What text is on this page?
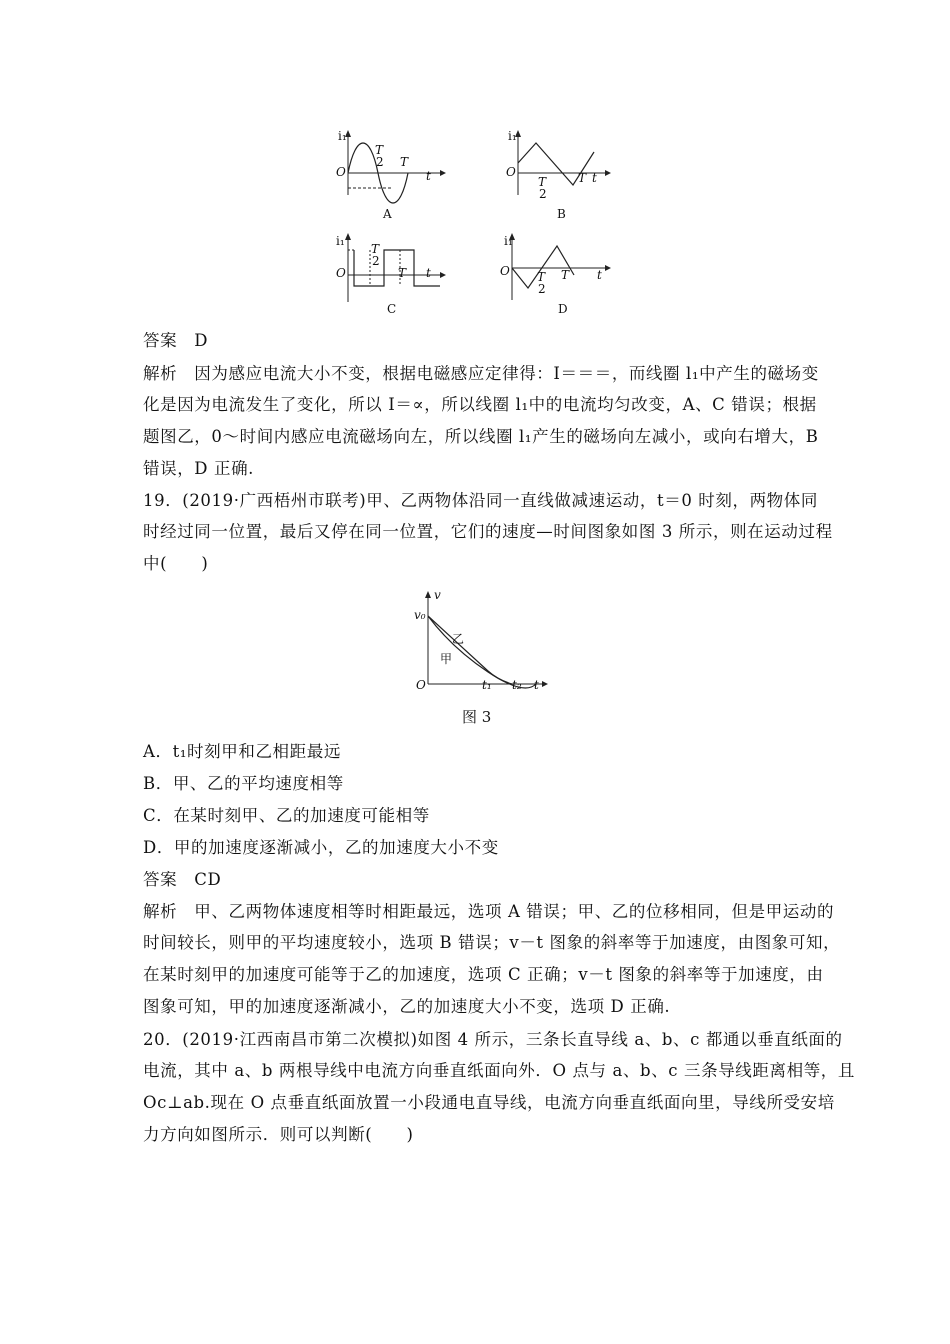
i₁
O
T
2 T
t
A
i₁
O
T
2
T t
B
i₁
O
T
2
T t
C
i₁
O T
2
T t
D
答案　D
解析　因为感应电流大小不变，根据电磁感应定律得：I＝＝＝，而线圈 l₁中产生的磁场变
化是因为电流发生了变化，所以 I＝∝，所以线圈 l₁中的电流均匀改变，A、C 错误；根据
题图乙，0～时间内感应电流磁场向左，所以线圈 l₁产生的磁场向左减小，或向右增大，B
错误，D 正确.
19．(2019·广西梧州市联考)甲、乙两物体沿同一直线做减速运动，t＝0 时刻，两物体同
时经过同一位置，最后又停在同一位置，它们的速度—时间图象如图 3 所示，则在运动过程
中(　　)
v
v₀
乙
甲
O	t₁ t₂ t
图 3
A．t₁时刻甲和乙相距最远
B．甲、乙的平均速度相等
C．在某时刻甲、乙的加速度可能相等
D．甲的加速度逐渐减小，乙的加速度大小不变
答案　CD
解析　甲、乙两物体速度相等时相距最远，选项 A 错误；甲、乙的位移相同，但是甲运动的
时间较长，则甲的平均速度较小，选项 B 错误；v－t 图象的斜率等于加速度，由图象可知，
在某时刻甲的加速度可能等于乙的加速度，选项 C 正确；v－t 图象的斜率等于加速度，由
图象可知，甲的加速度逐渐减小，乙的加速度大小不变，选项 D 正确.
20．(2019·江西南昌市第二次模拟)如图 4 所示，三条长直导线 a、b、c 都通以垂直纸面的
电流，其中 a、b 两根导线中电流方向垂直纸面向外．O 点与 a、b、c 三条导线距离相等，且
Oc⊥ab.现在 O 点垂直纸面放置一小段通电直导线，电流方向垂直纸面向里，导线所受安培
力方向如图所示．则可以判断(　　)
